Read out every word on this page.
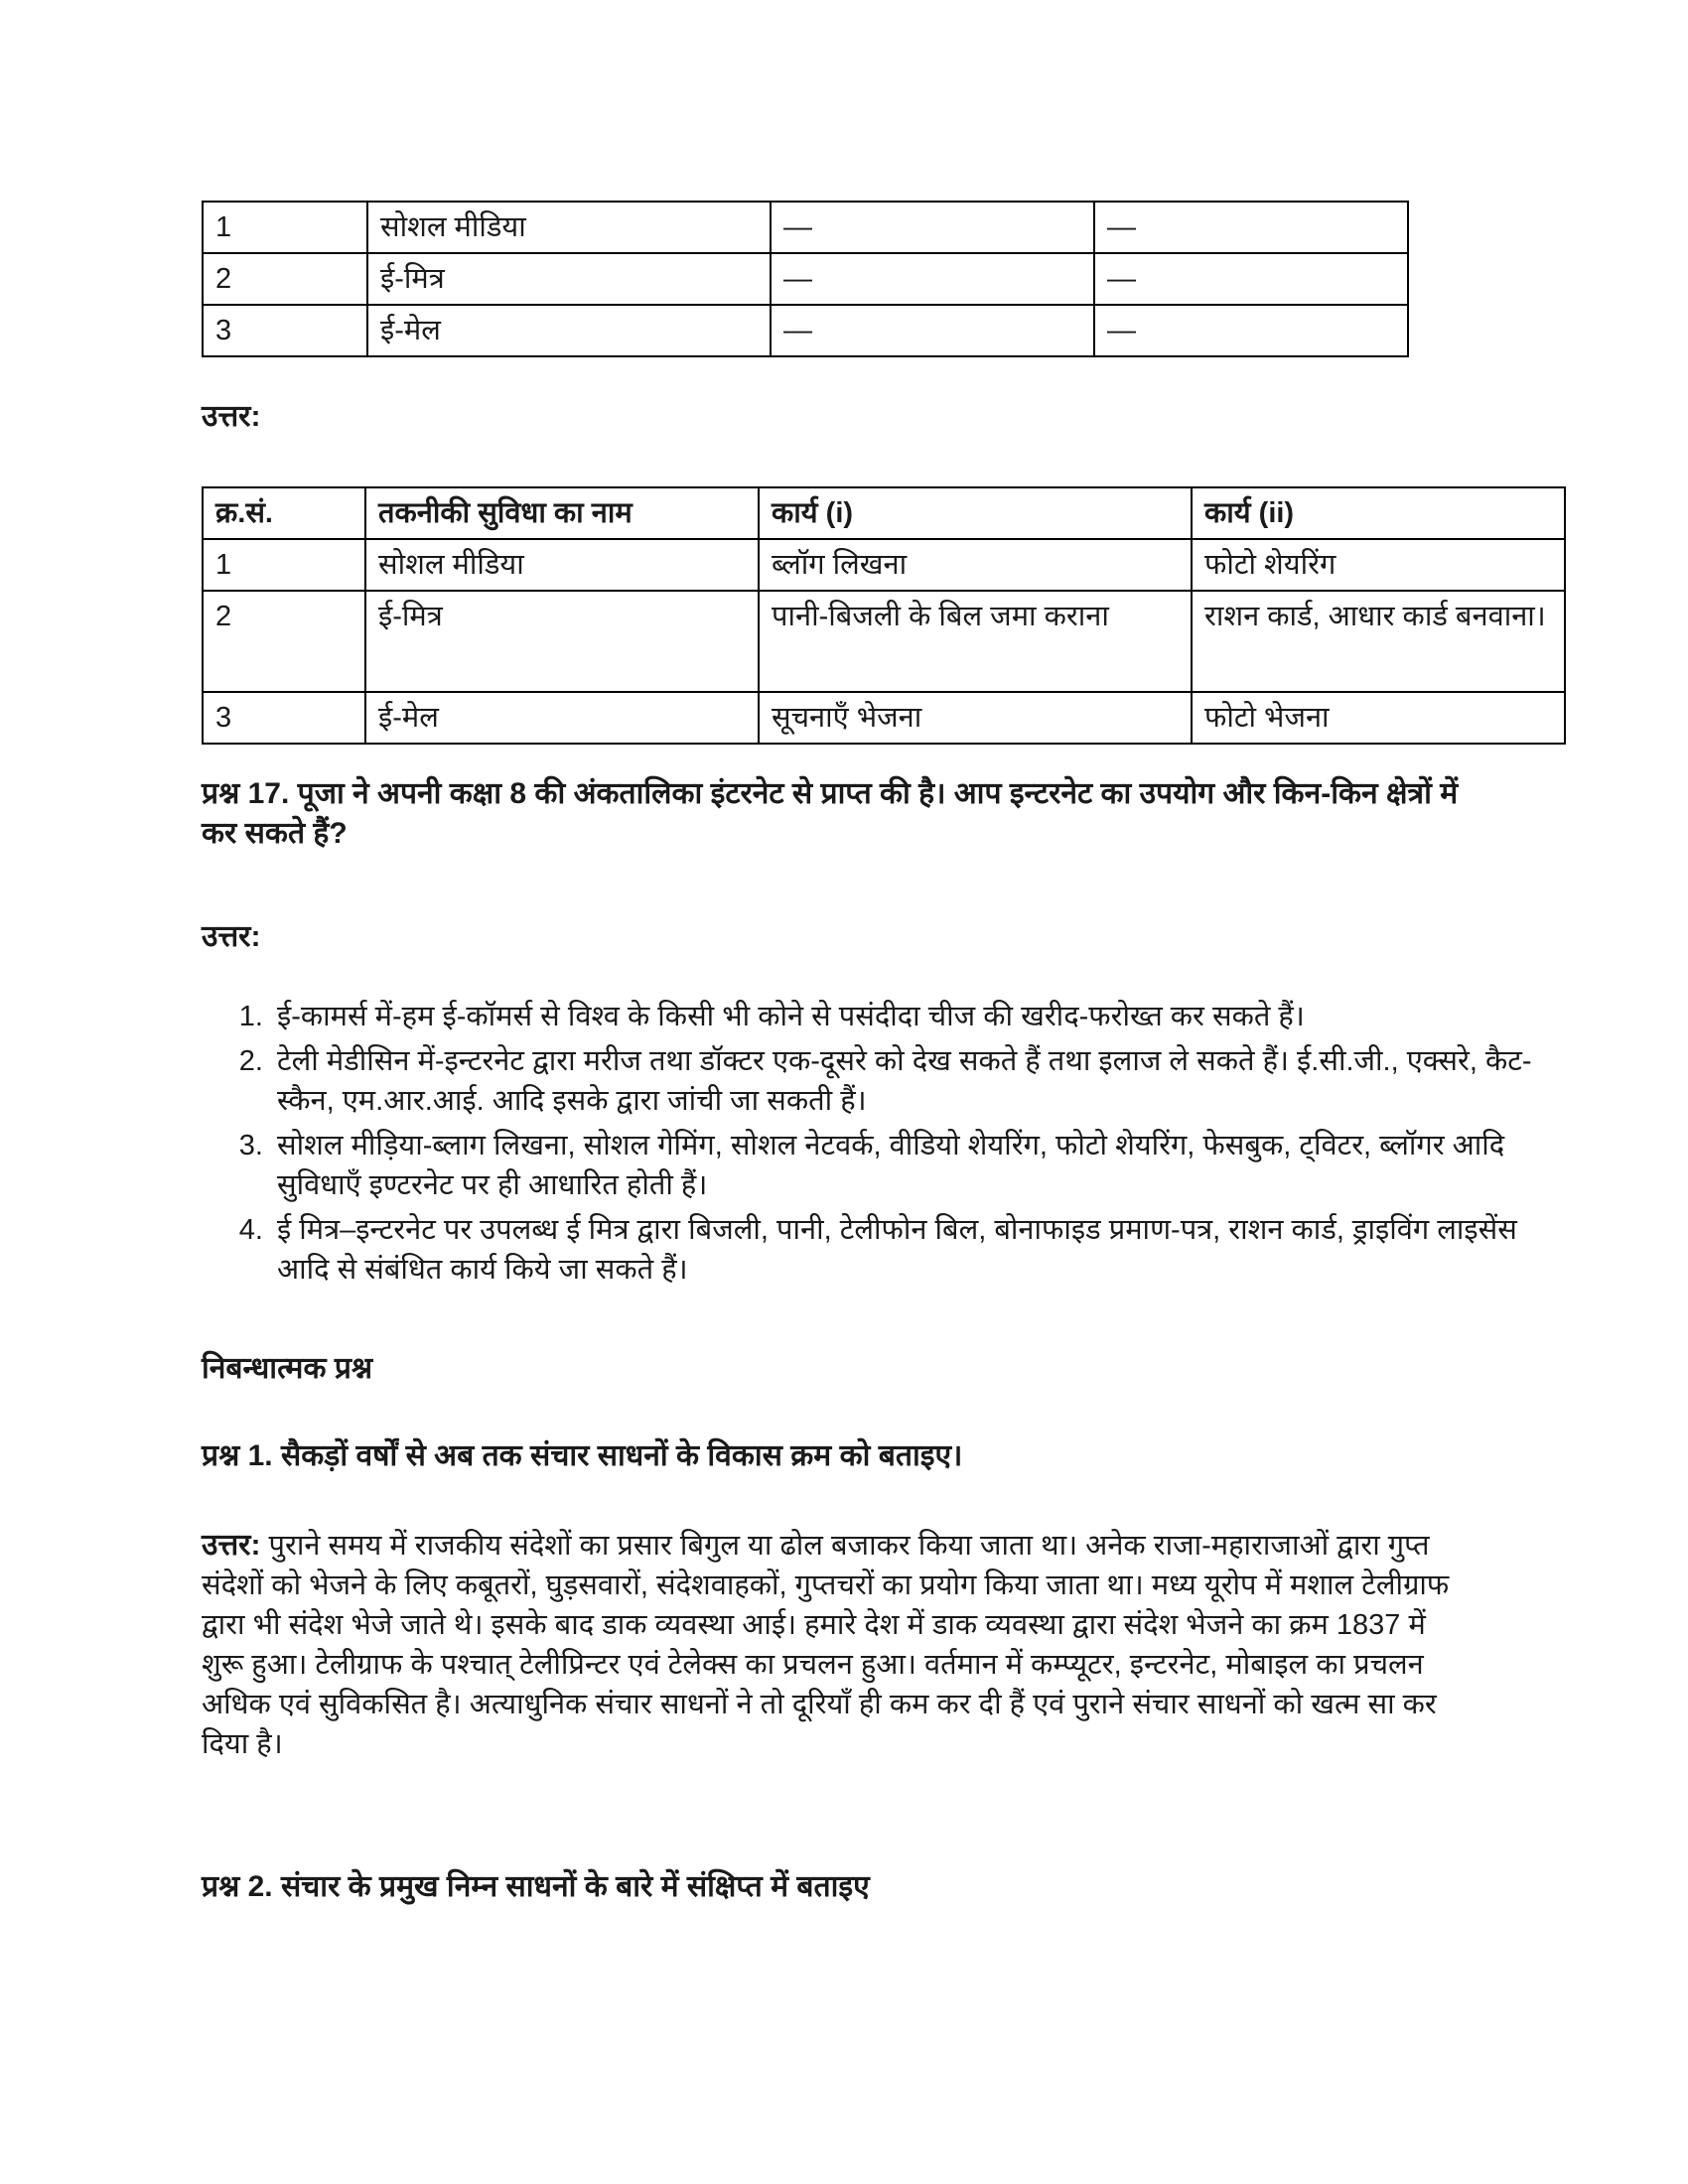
1	सोशल मीडिया	—	—
2	ई-मित्र	—	—
3	ई-मेल	—	—

उत्तर:

क्र.सं.	तकनीकी सुविधा का नाम	कार्य (i)	कार्य (ii)
1	सोशल मीडिया	ब्लॉग लिखना	फोटो शेयरिंग
2	ई-मित्र	पानी-बिजली के बिल जमा कराना	राशन कार्ड, आधार कार्ड बनवाना।
3	ई-मेल	सूचनाएँ भेजना	फोटो भेजना

प्रश्न 17. पूजा ने अपनी कक्षा 8 की अंकतालिका इंटरनेट से प्राप्त की है। आप इन्टरनेट का उपयोग और किन-किन क्षेत्रों में कर सकते हैं?

उत्तर:

1. ई-कामर्स में-हम ई-कॉमर्स से विश्व के किसी भी कोने से पसंदीदा चीज की खरीद-फरोख्त कर सकते हैं।
2. टेली मेडीसिन में-इन्टरनेट द्वारा मरीज तथा डॉक्टर एक-दूसरे को देख सकते हैं तथा इलाज ले सकते हैं। ई.सी.जी., एक्सरे, कैट-स्कैन, एम.आर.आई. आदि इसके द्वारा जांची जा सकती हैं।
3. सोशल मीड़िया-ब्लाग लिखना, सोशल गेमिंग, सोशल नेटवर्क, वीडियो शेयरिंग, फोटो शेयरिंग, फेसबुक, ट्विटर, ब्लॉगर आदि सुविधाएँ इण्टरनेट पर ही आधारित होती हैं।
4. ई मित्र–इन्टरनेट पर उपलब्ध ई मित्र द्वारा बिजली, पानी, टेलीफोन बिल, बोनाफाइड प्रमाण-पत्र, राशन कार्ड, ड्राइविंग लाइसेंस आदि से संबंधित कार्य किये जा सकते हैं।

निबन्धात्मक प्रश्न

प्रश्न 1. सैकड़ों वर्षों से अब तक संचार साधनों के विकास क्रम को बताइए।

उत्तर: पुराने समय में राजकीय संदेशों का प्रसार बिगुल या ढोल बजाकर किया जाता था। अनेक राजा-महाराजाओं द्वारा गुप्त संदेशों को भेजने के लिए कबूतरों, घुड़सवारों, संदेशवाहकों, गुप्तचरों का प्रयोग किया जाता था। मध्य यूरोप में मशाल टेलीग्राफ द्वारा भी संदेश भेजे जाते थे। इसके बाद डाक व्यवस्था आई। हमारे देश में डाक व्यवस्था द्वारा संदेश भेजने का क्रम 1837 में शुरू हुआ। टेलीग्राफ के पश्चात् टेलीप्रिन्टर एवं टेलेक्स का प्रचलन हुआ। वर्तमान में कम्प्यूटर, इन्टरनेट, मोबाइल का प्रचलन अधिक एवं सुविकसित है। अत्याधुनिक संचार साधनों ने तो दूरियाँ ही कम कर दी हैं एवं पुराने संचार साधनों को खत्म सा कर दिया है।

प्रश्न 2. संचार के प्रमुख निम्न साधनों के बारे में संक्षिप्त में बताइए
